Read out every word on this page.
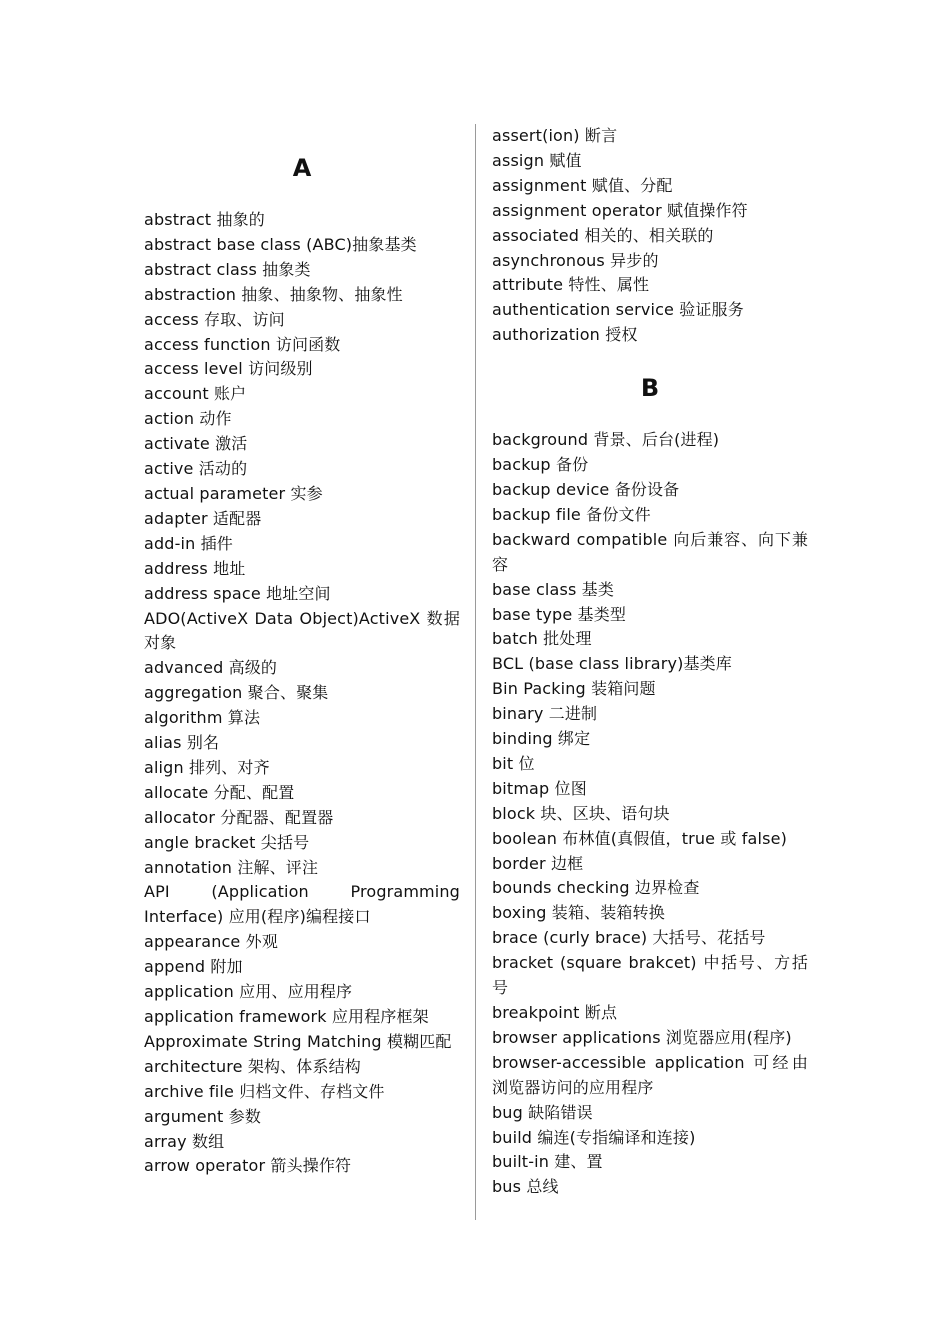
A

abstract 抽象的

abstract base class (ABC)抽象基类

abstract class 抽象类

abstraction 抽象、抽象物、抽象性

access 存取、访问

access function 访问函数

access level 访问级别

account 账户

action 动作

activate 激活

active 活动的

actual parameter 实参

adapter 适配器

add-in 插件

address 地址

address space 地址空间

ADO(ActiveX Data Object)ActiveX 数据对象

advanced 高级的

aggregation 聚合、聚集

algorithm 算法

alias 别名

align 排列、对齐

allocate 分配、配置

allocator 分配器、配置器

angle bracket 尖括号

annotation 注解、评注

API (Application Programming Interface) 应用(程序)编程接口

appearance 外观

append 附加

application 应用、应用程序

application framework 应用程序框架

Approximate String Matching 模糊匹配

architecture 架构、体系结构

archive file 归档文件、存档文件

argument 参数

array 数组

arrow operator 箭头操作符

assert(ion) 断言

assign 赋值

assignment 赋值、分配

assignment operator 赋值操作符

associated 相关的、相关联的

asynchronous 异步的

attribute 特性、属性

authentication service 验证服务

authorization 授权

B

background 背景、后台(进程)

backup 备份

backup device 备份设备

backup file 备份文件

backward compatible 向后兼容、向下兼容

base class 基类

base type 基类型

batch 批处理

BCL (base class library)基类库

Bin Packing 装箱问题

binary 二进制

binding 绑定

bit 位

bitmap 位图

block 块、区块、语句块

boolean 布林值(真假值，true 或 false)

border 边框

bounds checking 边界检查

boxing 装箱、装箱转换

brace (curly brace) 大括号、花括号

bracket (square brakcet) 中括号、方括号

breakpoint 断点

browser applications 浏览器应用(程序)

browser-accessible application 可经由浏览器访问的应用程序

bug 缺陷错误

build 编连(专指编译和连接)

built-in 建、置

bus 总线
